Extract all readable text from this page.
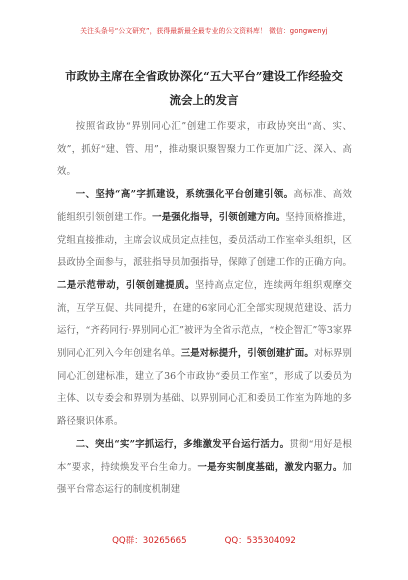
关注头条号“公文研究”，获得最新最全最专业的公文资料库！ 微信：gongwenyj
市政协主席在全省政协深化“五大平台”建设工作经验交
流会上的发言

按照省政协“界别同心汇”创建工作要求，市政协突出“高、实、效”，抓好“建、管、用”，推动聚识聚智聚力工作更加广泛、深入、高效。

一、坚持“高”字抓建设，系统强化平台创建引领。高标准、高效能组织引领创建工作。一是强化指导，引领创建方向。坚持顶格推进，党组直接推动，主席会议成员定点挂包，委员活动工作室牵头组织，区县政协全面参与，派驻指导员加强指导，保障了创建工作的正确方向。二是示范带动，引领创建提质。坚持高点定位，连续两年组织观摩交流，互学互促、共同提升，在建的6家同心汇全部实现规范建设、活力运行，“齐药同行·界别同心汇”被评为全省示范点，“校企智汇”等3家界别同心汇列入今年创建名单。三是对标提升，引领创建扩面。对标界别同心汇创建标准，建立了36个市政协“委员工作室”，形成了以委员为主体、以专委会和界别为基础、以界别同心汇和委员工作室为阵地的多路径聚识体系。

二、突出“实”字抓运行，多维激发平台运行活力。贯彻“用好是根本”要求，持续焕发平台生命力。一是夯实制度基础，激发内驱力。加强平台常态运行的制度机制建

QQ群：30265665	QQ：535304092
